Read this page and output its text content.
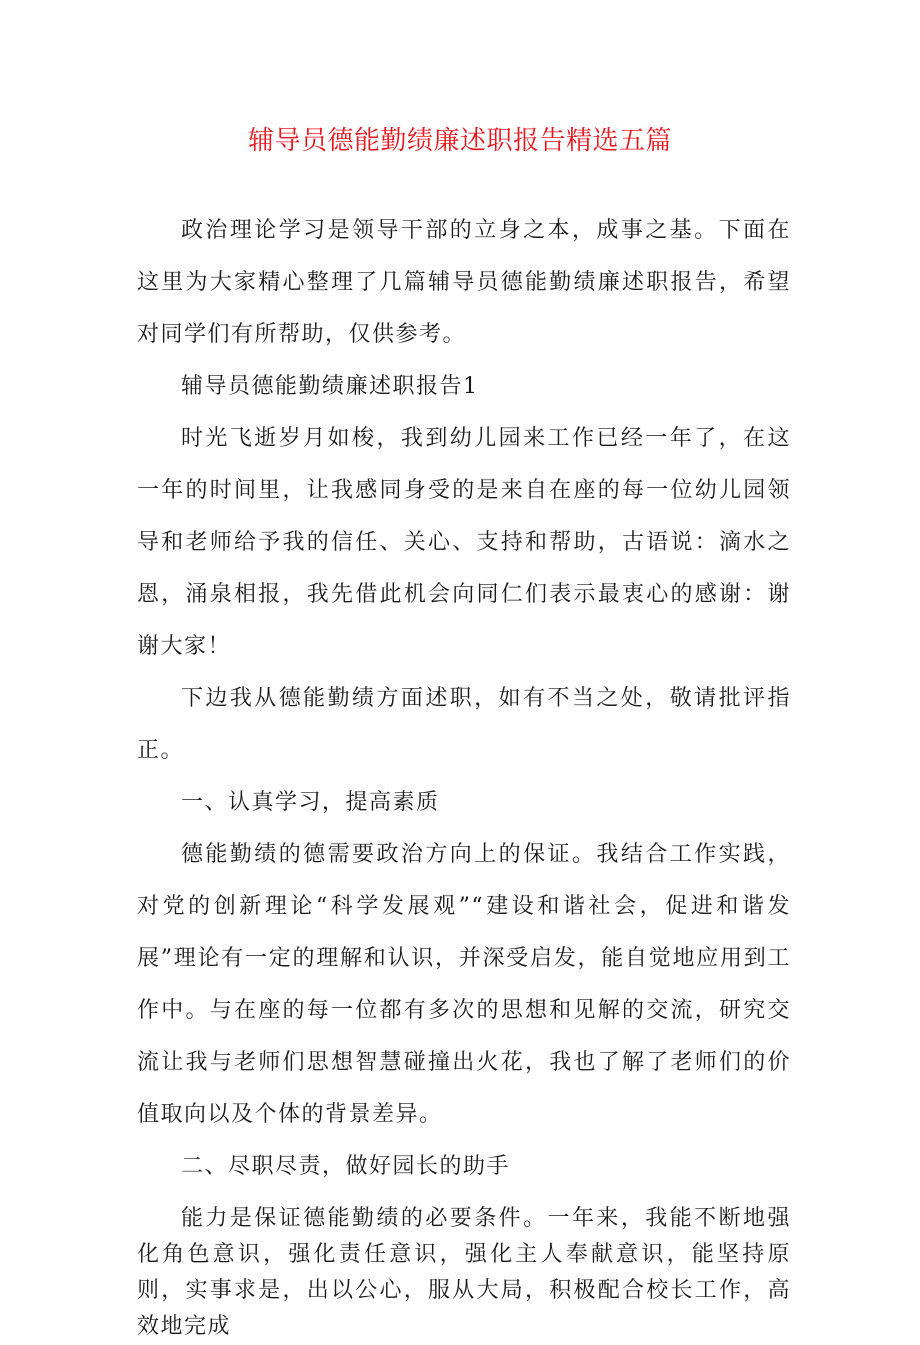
辅导员德能勤绩廉述职报告精选五篇

政治理论学习是领导干部的立身之本，成事之基。下面在这里为大家精心整理了几篇辅导员德能勤绩廉述职报告，希望对同学们有所帮助，仅供参考。

辅导员德能勤绩廉述职报告1

时光飞逝岁月如梭，我到幼儿园来工作已经一年了，在这一年的时间里，让我感同身受的是来自在座的每一位幼儿园领导和老师给予我的信任、关心、支持和帮助，古语说：滴水之恩，涌泉相报，我先借此机会向同仁们表示最衷心的感谢：谢谢大家！

下边我从德能勤绩方面述职，如有不当之处，敬请批评指正。

一、认真学习，提高素质

德能勤绩的德需要政治方向上的保证。我结合工作实践，对党的创新理论“科学发展观”“建设和谐社会，促进和谐发展”理论有一定的理解和认识，并深受启发，能自觉地应用到工作中。与在座的每一位都有多次的思想和见解的交流，研究交流让我与老师们思想智慧碰撞出火花，我也了解了老师们的价值取向以及个体的背景差异。

二、尽职尽责，做好园长的助手

能力是保证德能勤绩的必要条件。一年来，我能不断地强化角色意识，强化责任意识，强化主人奉献意识，能坚持原则，实事求是，出以公心，服从大局，积极配合校长工作，高效地完成
